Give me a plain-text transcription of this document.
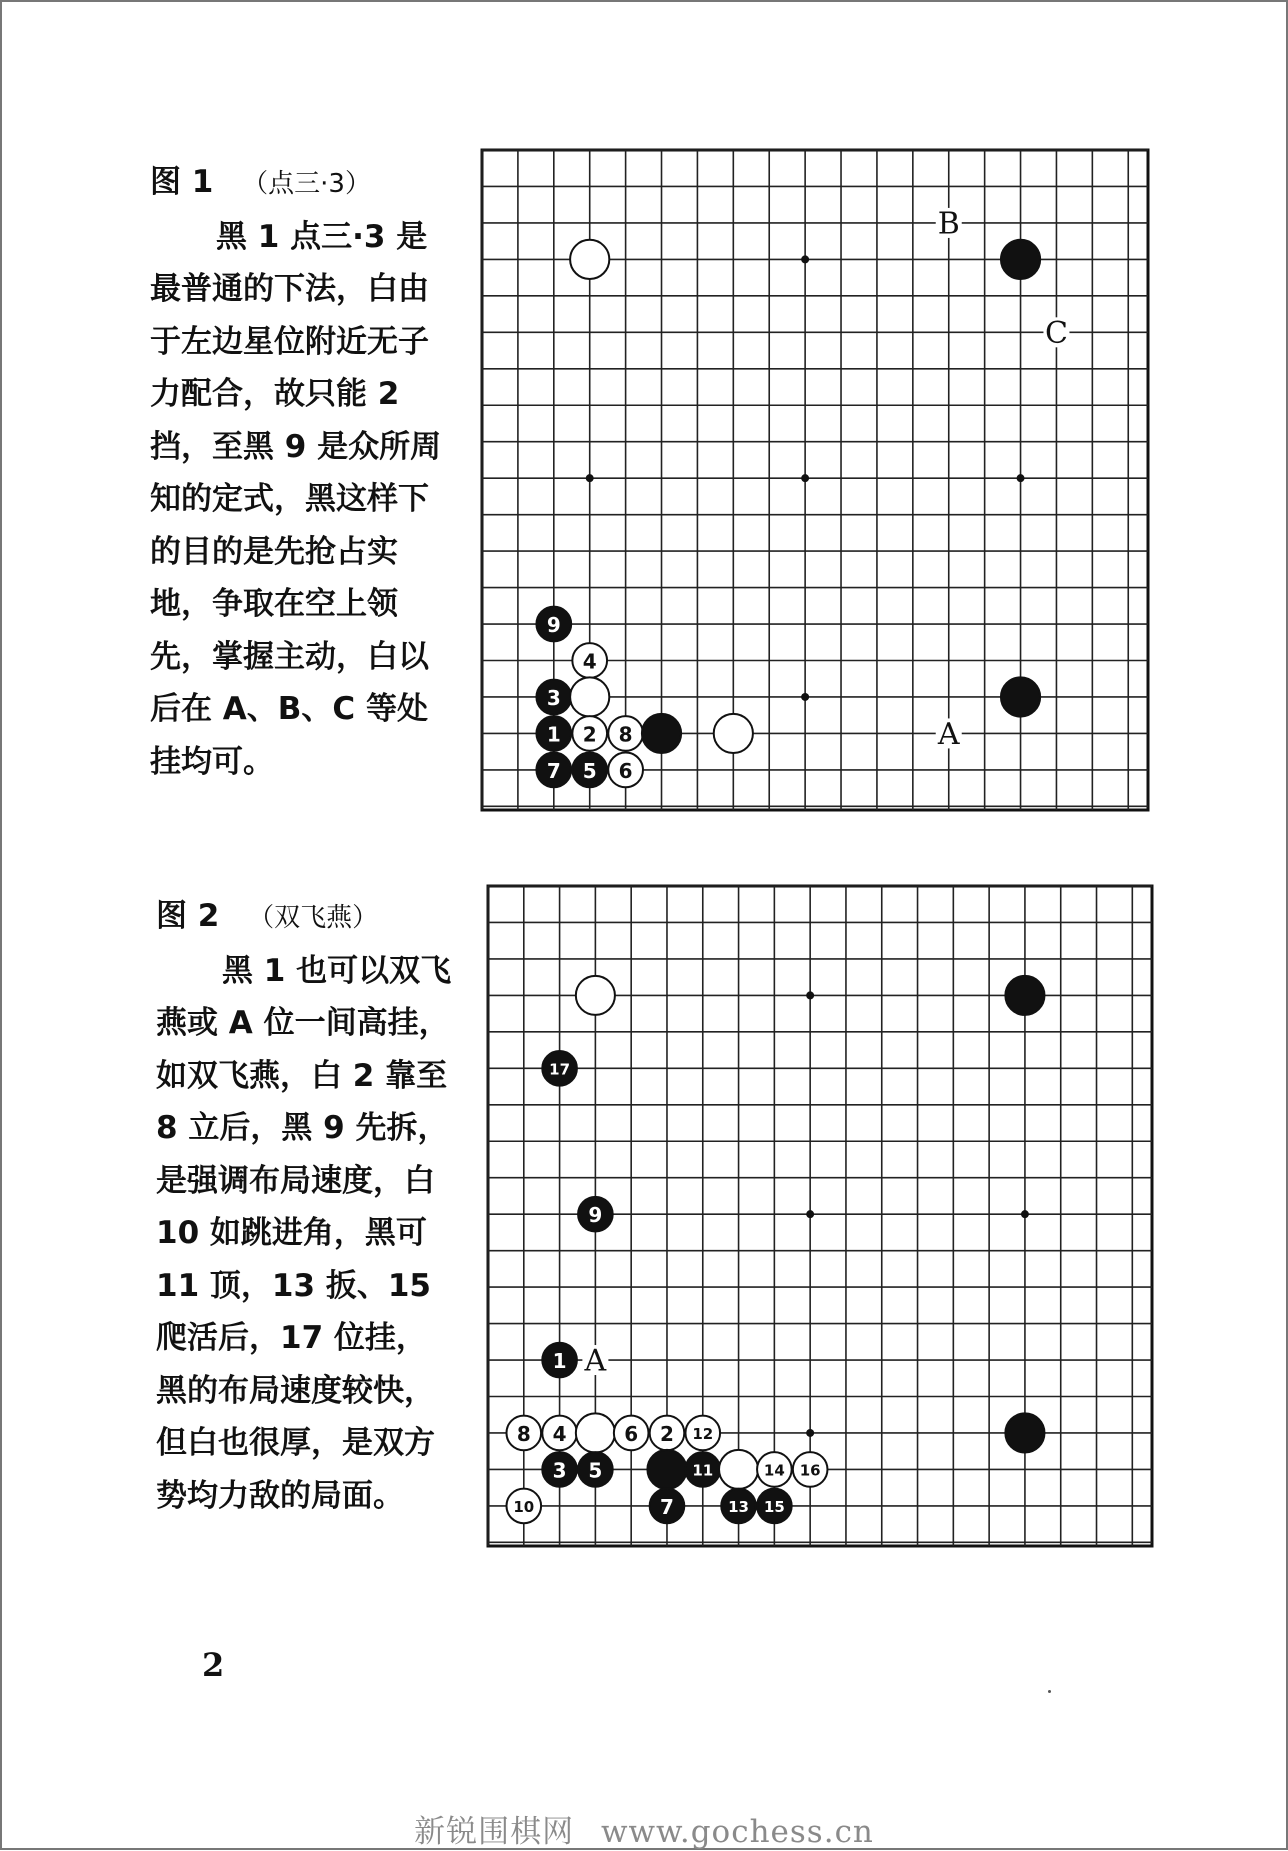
图 1 （点三·3）
黑 1 点三·3 是最普通的下法，白由于左边星位附近无子力配合，故只能 2 挡，至黑 9 是众所周知的定式，黑这样下的目的是先抢占实地，争取在空上领先，掌握主动，白以后在 A、B、C 等处挂均可。
9
4
3
1 2 8
7 5 6
B
C
A
图 2 （双飞燕）
黑 1 也可以双飞燕或 A 位一间高挂，如双飞燕，白 2 靠至 8 立后，黑 9 先拆，是强调布局速度，白 10 如跳进角，黑可 11 顶，13 扳、15 爬活后，17 位挂，黑的布局速度较快，但白也很厚，是双方势均力敌的局面。
17
9
1
8 4	6 2 12
3 5	11	14 16
10	7	13 15
A
2
新锐围棋网 www.gochess.cn
